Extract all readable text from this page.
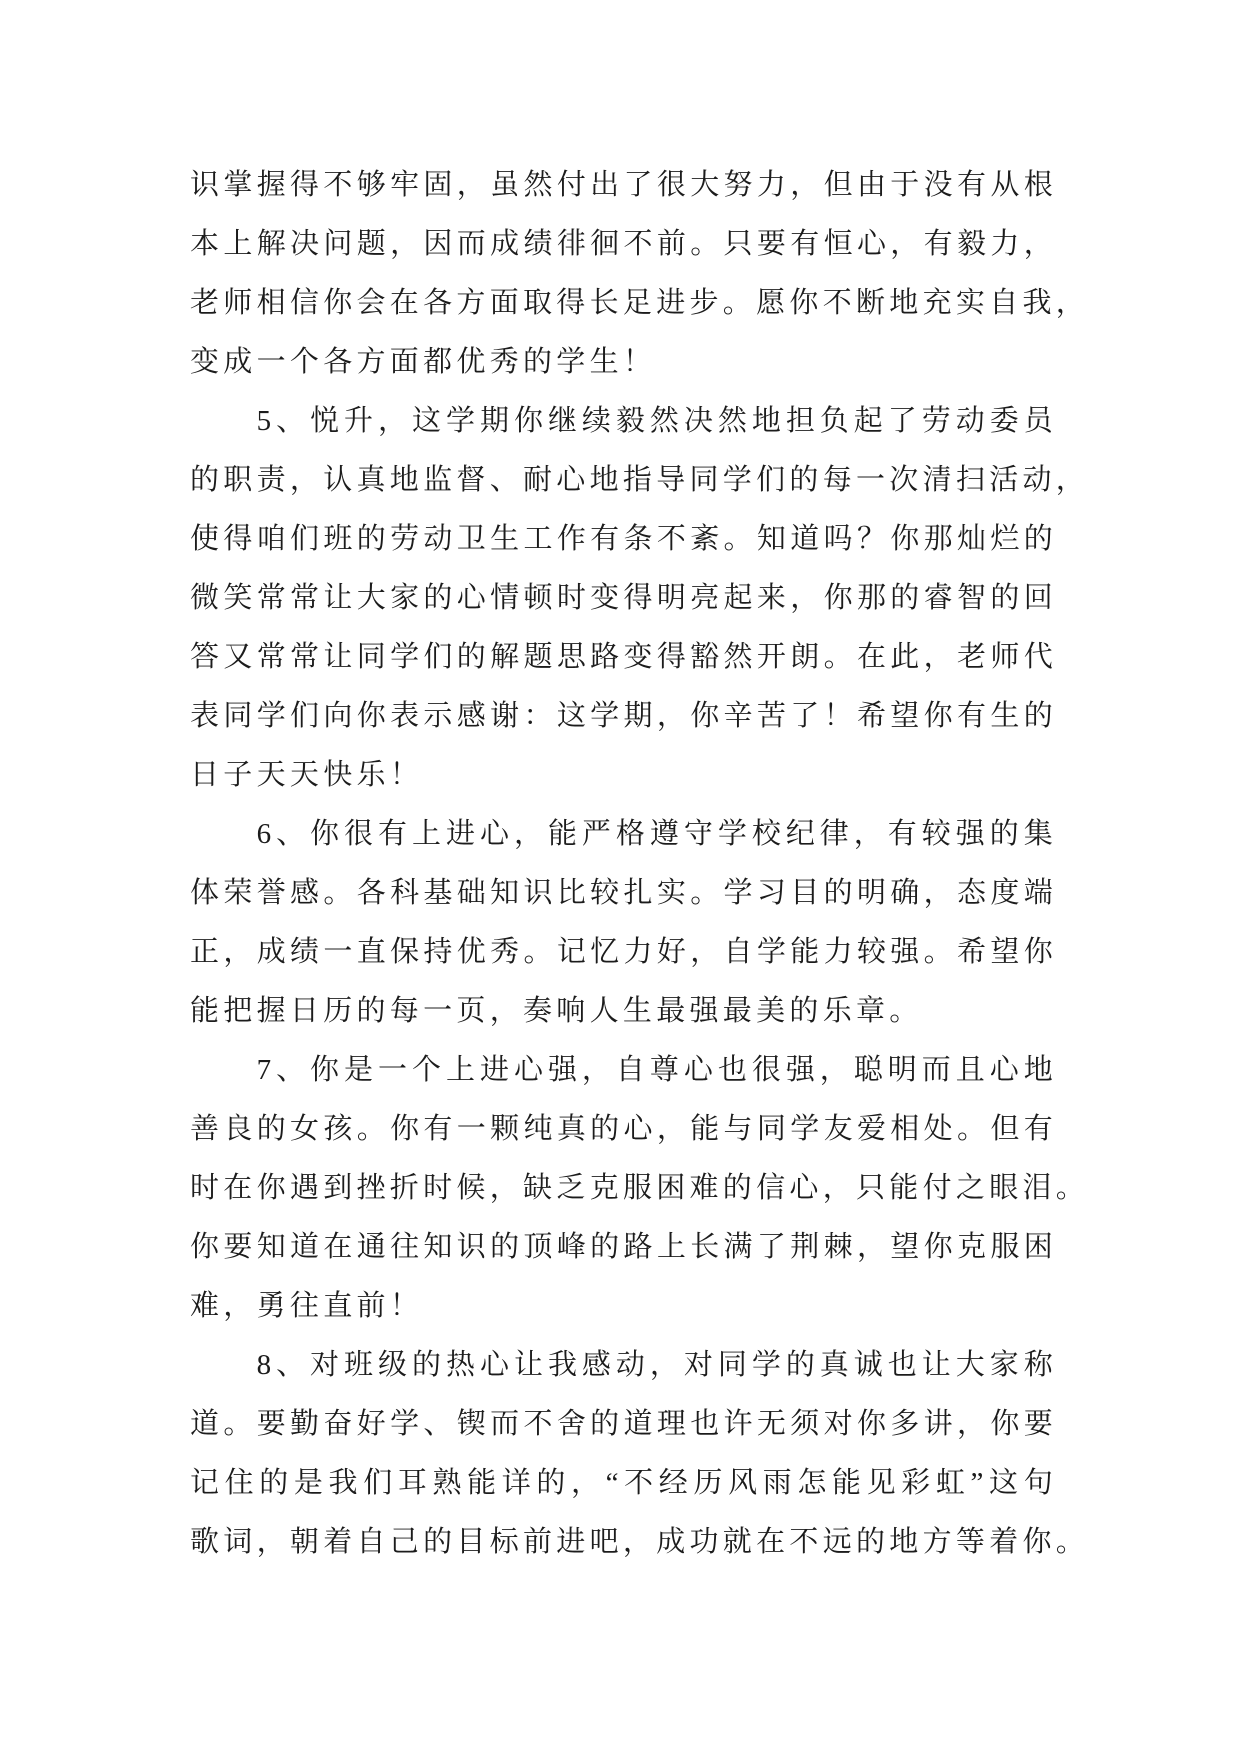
识掌握得不够牢固，虽然付出了很大努力，但由于没有从根
本上解决问题，因而成绩徘徊不前。只要有恒心，有毅力，
老师相信你会在各方面取得长足进步。愿你不断地充实自我，
变成一个各方面都优秀的学生！
5、悦升，这学期你继续毅然决然地担负起了劳动委员
的职责，认真地监督、耐心地指导同学们的每一次清扫活动，
使得咱们班的劳动卫生工作有条不紊。知道吗？你那灿烂的
微笑常常让大家的心情顿时变得明亮起来，你那的睿智的回
答又常常让同学们的解题思路变得豁然开朗。在此，老师代
表同学们向你表示感谢：这学期，你辛苦了！希望你有生的
日子天天快乐！
6、你很有上进心，能严格遵守学校纪律，有较强的集
体荣誉感。各科基础知识比较扎实。学习目的明确，态度端
正，成绩一直保持优秀。记忆力好，自学能力较强。希望你
能把握日历的每一页，奏响人生最强最美的乐章。
7、你是一个上进心强，自尊心也很强，聪明而且心地
善良的女孩。你有一颗纯真的心，能与同学友爱相处。但有
时在你遇到挫折时候，缺乏克服困难的信心，只能付之眼泪。
你要知道在通往知识的顶峰的路上长满了荆棘，望你克服困
难，勇往直前！
8、对班级的热心让我感动，对同学的真诚也让大家称
道。要勤奋好学、锲而不舍的道理也许无须对你多讲，你要
记住的是我们耳熟能详的，“不经历风雨怎能见彩虹”这句
歌词，朝着自己的目标前进吧，成功就在不远的地方等着你。
